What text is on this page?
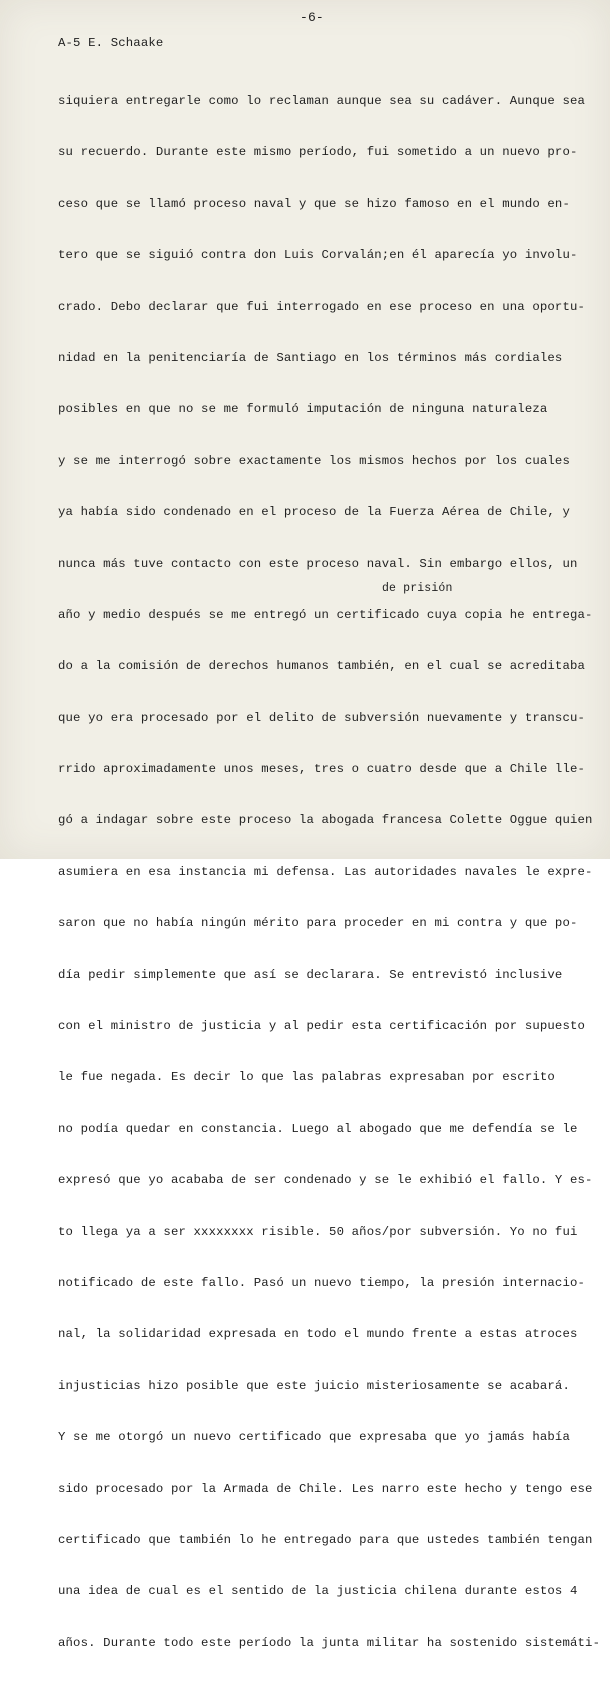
-6-
A-5 E. Schaake
de prisión

siquiera entregarle como lo reclaman aunque sea su cadáver. Aunque sea

su recuerdo. Durante este mismo período, fui sometido a un nuevo pro-

ceso que se llamó proceso naval y que se hizo famoso en el mundo en-

tero que se siguió contra don Luis Corvalán;en él aparecía yo involu-

crado. Debo declarar que fui interrogado en ese proceso en una oportu-

nidad en la penitenciaría de Santiago en los términos más cordiales

posibles en que no se me formuló imputación de ninguna naturaleza

y se me interrogó sobre exactamente los mismos hechos por los cuales

ya había sido condenado en el proceso de la Fuerza Aérea de Chile, y

nunca más tuve contacto con este proceso naval. Sin embargo ellos, un

año y medio después se me entregó un certificado cuya copia he entrega-

do a la comisión de derechos humanos también, en el cual se acreditaba

que yo era procesado por el delito de subversión nuevamente y transcu-

rrido aproximadamente unos meses, tres o cuatro desde que a Chile lle-

gó a indagar sobre este proceso la abogada francesa Colette Oggue quien

asumiera en esa instancia mi defensa. Las autoridades navales le expre-

saron que no había ningún mérito para proceder en mi contra y que po-

día pedir simplemente que así se declarara. Se entrevistó inclusive

con el ministro de justicia y al pedir esta certificación por supuesto

le fue negada. Es decir lo que las palabras expresaban por escrito

no podía quedar en constancia. Luego al abogado que me defendía se le

expresó que yo acababa de ser condenado y se le exhibió el fallo. Y es-

to llega ya a ser xxxxxxxx risible. 50 años/por subversión. Yo no fui

notificado de este fallo. Pasó un nuevo tiempo, la presión internacio-

nal, la solidaridad expresada en todo el mundo frente a estas atroces

injusticias hizo posible que este juicio misteriosamente se acabará.

Y se me otorgó un nuevo certificado que expresaba que yo jamás había

sido procesado por la Armada de Chile. Les narro este hecho y tengo ese

certificado que también lo he entregado para que ustedes también tengan

una idea de cual es el sentido de la justicia chilena durante estos 4

años. Durante todo este período la junta militar ha sostenido sistemáti-
